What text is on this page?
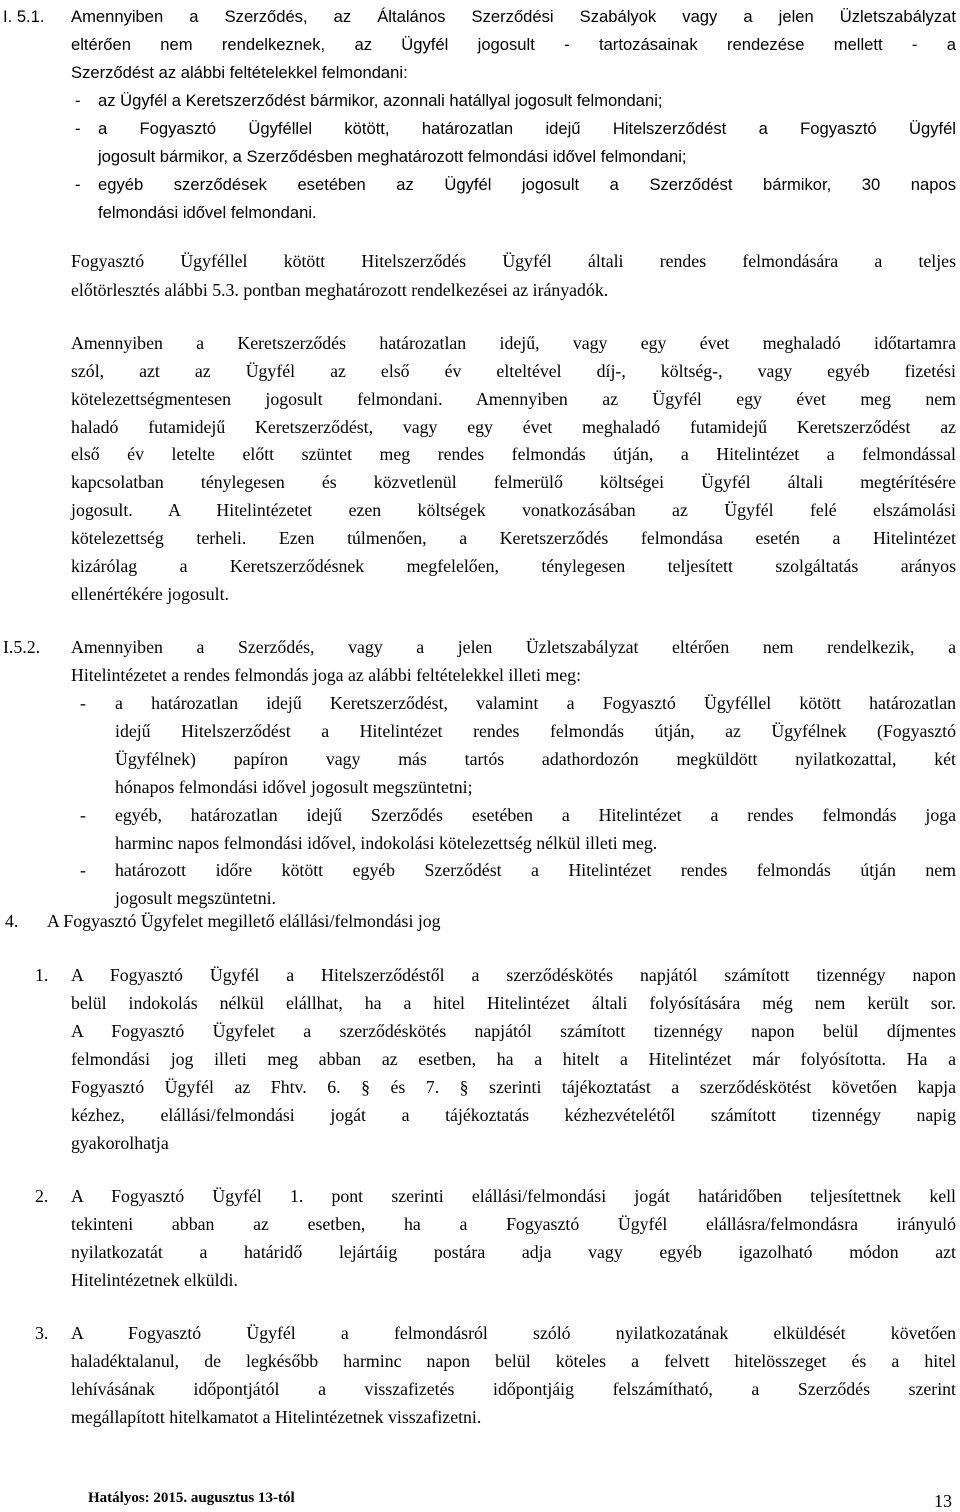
I. 5.1. Amennyiben a Szerződés, az Általános Szerződési Szabályok vagy a jelen Üzletszabályzat
eltérően nem rendelkeznek, az Ügyfél jogosult - tartozásainak rendezése mellett - a
Szerződést az alábbi feltételekkel felmondani:
- az Ügyfél a Keretszerződést bármikor, azonnali hatállyal jogosult felmondani;
- a Fogyasztó Ügyféllel kötött, határozatlan idejű Hitelszerződést a Fogyasztó Ügyfél
jogosult bármikor, a Szerződésben meghatározott felmondási idővel felmondani;
- egyéb szerződések esetében az Ügyfél jogosult a Szerződést bármikor, 30 napos
felmondási idővel felmondani.
Fogyasztó Ügyféllel kötött Hitelszerződés Ügyfél általi rendes felmondására a teljes
előtörlesztés alábbi 5.3. pontban meghatározott rendelkezései az irányadók.
Amennyiben a Keretszerződés határozatlan idejű, vagy egy évet meghaladó időtartamra
szól, azt az Ügyfél az első év elteltével díj-, költség-, vagy egyéb fizetési
kötelezettségmentesen jogosult felmondani. Amennyiben az Ügyfél egy évet meg nem
haladó futamidejű Keretszerződést, vagy egy évet meghaladó futamidejű Keretszerződést az
első év letelte előtt szüntet meg rendes felmondás útján, a Hitelintézet a felmondással
kapcsolatban ténylegesen és közvetlenül felmerülő költségei Ügyfél általi megtérítésére
jogosult. A Hitelintézetet ezen költségek vonatkozásában az Ügyfél felé elszámolási
kötelezettség terheli. Ezen túlmenően, a Keretszerződés felmondása esetén a Hitelintézet
kizárólag a Keretszerződésnek megfelelően, ténylegesen teljesített szolgáltatás arányos
ellenértékére jogosult.
I.5.2. Amennyiben a Szerződés, vagy a jelen Üzletszabályzat eltérően nem rendelkezik, a
Hitelintézetet a rendes felmondás joga az alábbi feltételekkel illeti meg:
- a határozatlan idejű Keretszerződést, valamint a Fogyasztó Ügyféllel kötött határozatlan
idejű Hitelszerződést a Hitelintézet rendes felmondás útján, az Ügyfélnek (Fogyasztó
Ügyfélnek) papíron vagy más tartós adathordozón megküldött nyilatkozattal, két
hónapos felmondási idővel jogosult megszüntetni;
- egyéb, határozatlan idejű Szerződés esetében a Hitelintézet a rendes felmondás joga
harminc napos felmondási idővel, indokolási kötelezettség nélkül illeti meg.
- határozott időre kötött egyéb Szerződést a Hitelintézet rendes felmondás útján nem
jogosult megszüntetni.
4. A Fogyasztó Ügyfelet megillető elállási/felmondási jog
1. A Fogyasztó Ügyfél a Hitelszerződéstől a szerződéskötés napjától számított tizennégy napon
belül indokolás nélkül elállhat, ha a hitel Hitelintézet általi folyósítására még nem került sor.
A Fogyasztó Ügyfelet a szerződéskötés napjától számított tizennégy napon belül díjmentes
felmondási jog illeti meg abban az esetben, ha a hitelt a Hitelintézet már folyósította. Ha a
Fogyasztó Ügyfél az Fhtv. 6. § és 7. § szerinti tájékoztatást a szerződéskötést követően kapja
kézhez, elállási/felmondási jogát a tájékoztatás kézhezvételétől számított tizennégy napig
gyakorolhatja
2. A Fogyasztó Ügyfél 1. pont szerinti elállási/felmondási jogát határidőben teljesítettnek kell
tekinteni abban az esetben, ha a Fogyasztó Ügyfél elállásra/felmondásra irányuló
nyilatkozatát a határidő lejártáig postára adja vagy egyéb igazolható módon azt
Hitelintézetnek elküldi.
3. A Fogyasztó Ügyfél a felmondásról szóló nyilatkozatának elküldését követően
haladéktalanul, de legkésőbb harminc napon belül köteles a felvett hitelösszeget és a hitel
lehívásának időpontjától a visszafizetés időpontjáig felszámítható, a Szerződés szerint
megállapított hitelkamatot a Hitelintézetnek visszafizetni.
Hatályos: 2015. augusztus 13-tól	13
